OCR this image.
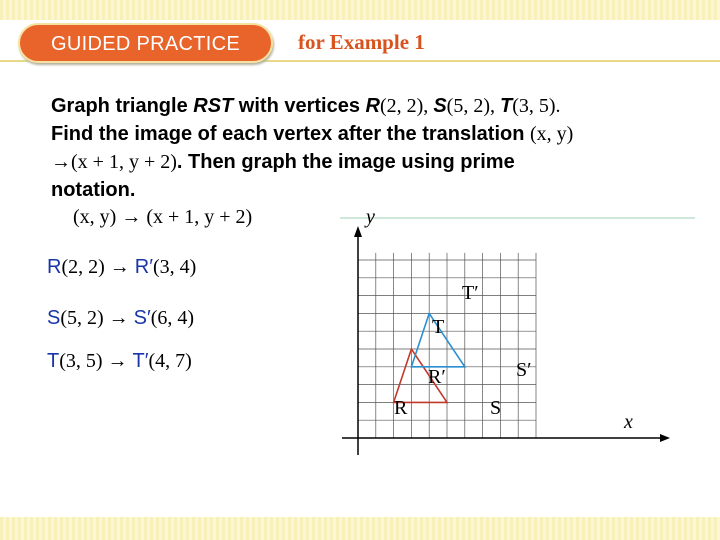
GUIDED PRACTICE	for Example 1
Graph triangle RST with vertices R(2, 2), S(5, 2), T(3, 5).
Find the image of each vertex after the translation (x, y)
→(x + 1, y + 2). Then graph the image using prime
notation.
(x, y) → (x + 1, y + 2)
R(2, 2) → R′(3, 4)
S(5, 2) → S′(6, 4)
T(3, 5) → T′(4, 7)
x
y
R	S
T
R′	S′
T′
